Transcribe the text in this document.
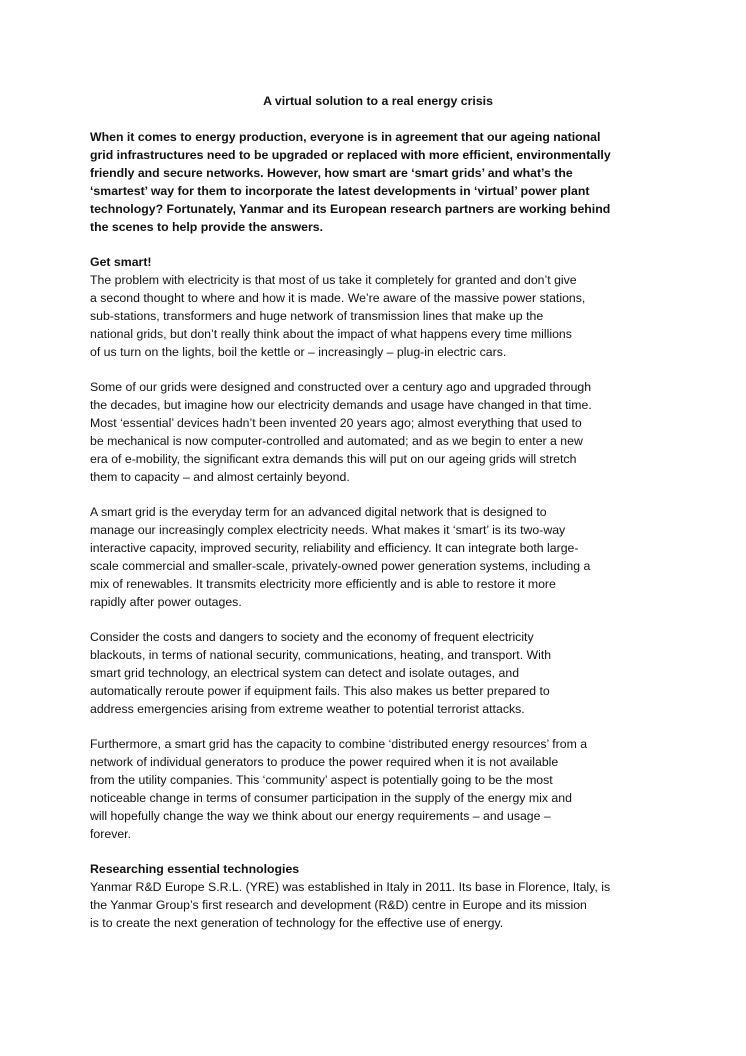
A virtual solution to a real energy crisis

When it comes to energy production, everyone is in agreement that our ageing national
grid infrastructures need to be upgraded or replaced with more efficient, environmentally
friendly and secure networks. However, how smart are ‘smart grids’ and what’s the
‘smartest’ way for them to incorporate the latest developments in ‘virtual’ power plant
technology? Fortunately, Yanmar and its European research partners are working behind
the scenes to help provide the answers.

Get smart!

The problem with electricity is that most of us take it completely for granted and don’t give
a second thought to where and how it is made. We’re aware of the massive power stations,
sub-stations, transformers and huge network of transmission lines that make up the
national grids, but don’t really think about the impact of what happens every time millions
of us turn on the lights, boil the kettle or – increasingly – plug-in electric cars.

Some of our grids were designed and constructed over a century ago and upgraded through
the decades, but imagine how our electricity demands and usage have changed in that time.
Most ‘essential’ devices hadn’t been invented 20 years ago; almost everything that used to
be mechanical is now computer-controlled and automated; and as we begin to enter a new
era of e-mobility, the significant extra demands this will put on our ageing grids will stretch
them to capacity – and almost certainly beyond.

A smart grid is the everyday term for an advanced digital network that is designed to
manage our increasingly complex electricity needs. What makes it ‘smart’ is its two-way
interactive capacity, improved security, reliability and efficiency. It can integrate both large-
scale commercial and smaller-scale, privately-owned power generation systems, including a
mix of renewables. It transmits electricity more efficiently and is able to restore it more
rapidly after power outages.

Consider the costs and dangers to society and the economy of frequent electricity
blackouts, in terms of national security, communications, heating, and transport. With
smart grid technology, an electrical system can detect and isolate outages, and
automatically reroute power if equipment fails. This also makes us better prepared to
address emergencies arising from extreme weather to potential terrorist attacks.

Furthermore, a smart grid has the capacity to combine ‘distributed energy resources’ from a
network of individual generators to produce the power required when it is not available
from the utility companies. This ‘community’ aspect is potentially going to be the most
noticeable change in terms of consumer participation in the supply of the energy mix and
will hopefully change the way we think about our energy requirements – and usage –
forever.

Researching essential technologies

Yanmar R&D Europe S.R.L. (YRE) was established in Italy in 2011. Its base in Florence, Italy, is
the Yanmar Group’s first research and development (R&D) centre in Europe and its mission
is to create the next generation of technology for the effective use of energy.
